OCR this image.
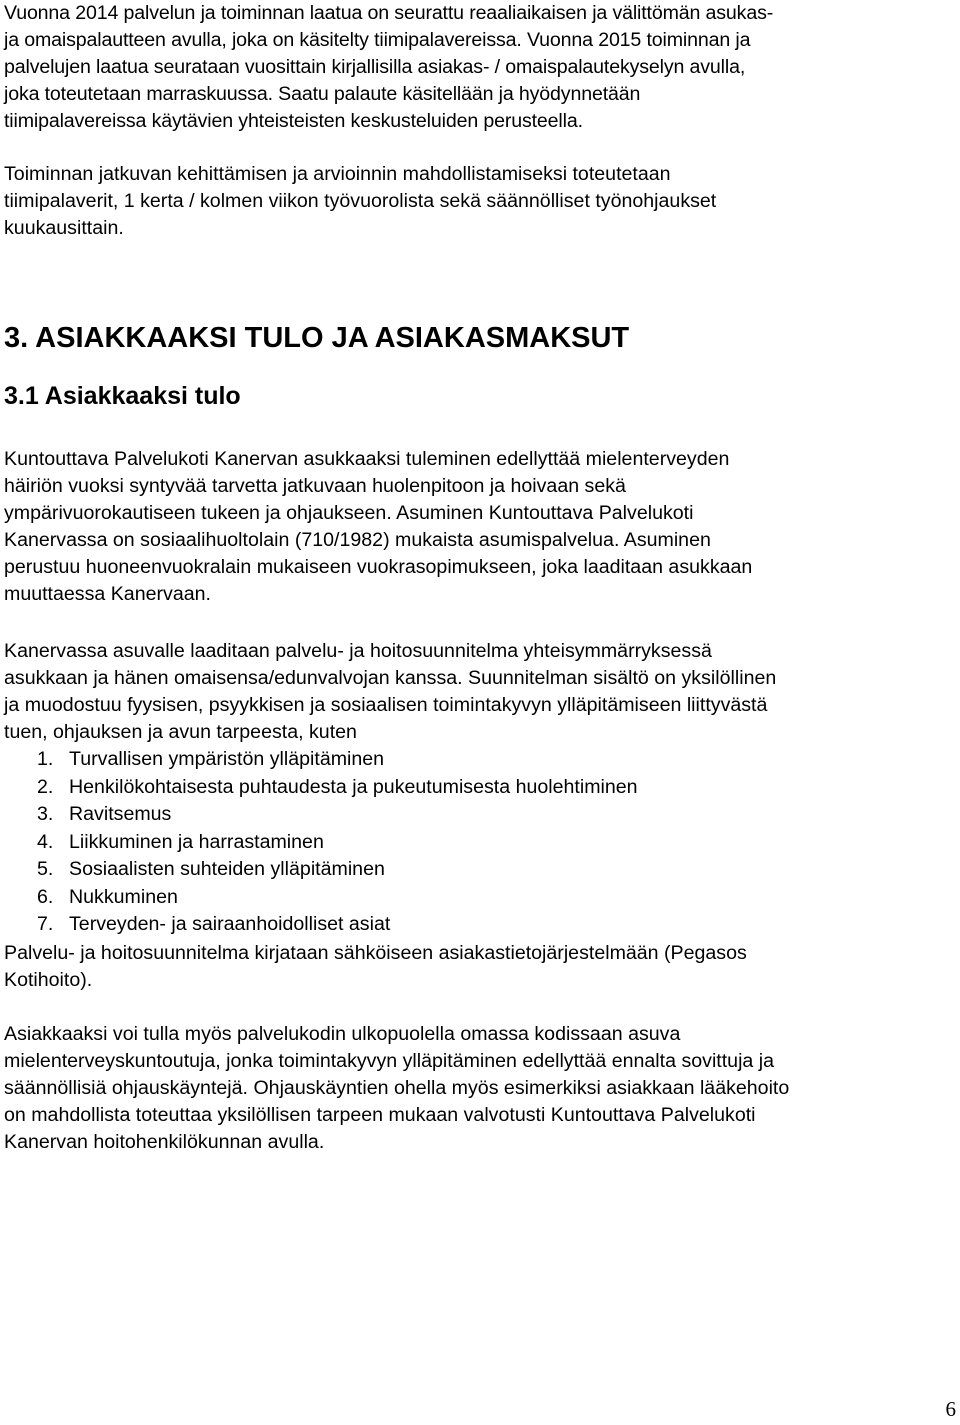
Vuonna 2014 palvelun ja toiminnan laatua on seurattu reaaliaikaisen ja välittömän asukas-
ja omaispalautteen avulla, joka on käsitelty tiimipalavereissa. Vuonna 2015 toiminnan ja
palvelujen laatua seurataan vuosittain kirjallisilla asiakas- / omaispalautekyselyn avulla,
joka toteutetaan marraskuussa. Saatu palaute käsitellään ja hyödynnetään
tiimipalavereissa käytävien yhteisteisten keskusteluiden perusteella.
Toiminnan jatkuvan kehittämisen ja arvioinnin mahdollistamiseksi toteutetaan
tiimipalaverit, 1 kerta / kolmen viikon työvuorolista sekä säännölliset työnohjaukset
kuukausittain.
3. ASIAKKAAKSI TULO JA ASIAKASMAKSUT
3.1 Asiakkaaksi tulo
Kuntouttava Palvelukoti Kanervan asukkaaksi tuleminen edellyttää mielenterveyden
häiriön vuoksi syntyvää tarvetta jatkuvaan huolenpitoon ja hoivaan sekä
ympärivuorokautiseen tukeen ja ohjaukseen. Asuminen Kuntouttava Palvelukoti
Kanervassa on sosiaalihuoltolain (710/1982) mukaista asumispalvelua. Asuminen
perustuu huoneenvuokralain mukaiseen vuokrasopimukseen, joka laaditaan asukkaan
muuttaessa Kanervaan.
Kanervassa asuvalle laaditaan palvelu- ja hoitosuunnitelma yhteisymmärryksessä
asukkaan ja hänen omaisensa/edunvalvojan kanssa. Suunnitelman sisältö on yksilöllinen
ja muodostuu fyysisen, psyykkisen ja sosiaalisen toimintakyvyn ylläpitämiseen liittyvästä
tuen, ohjauksen ja avun tarpeesta, kuten
1. Turvallisen ympäristön ylläpitäminen
2. Henkilökohtaisesta puhtaudesta ja pukeutumisesta huolehtiminen
3. Ravitsemus
4. Liikkuminen ja harrastaminen
5. Sosiaalisten suhteiden ylläpitäminen
6. Nukkuminen
7. Terveyden- ja sairaanhoidolliset asiat
Palvelu- ja hoitosuunnitelma kirjataan sähköiseen asiakastietojärjestelmään (Pegasos
Kotihoito).
Asiakkaaksi voi tulla myös palvelukodin ulkopuolella omassa kodissaan asuva
mielenterveyskuntoutuja, jonka toimintakyvyn ylläpitäminen edellyttää ennalta sovittuja ja
säännöllisiä ohjauskäyntejä. Ohjauskäyntien ohella myös esimerkiksi asiakkaan lääkehoito
on mahdollista toteuttaa yksilöllisen tarpeen mukaan valvotusti Kuntouttava Palvelukoti
Kanervan hoitohenkilökunnan avulla.
6
